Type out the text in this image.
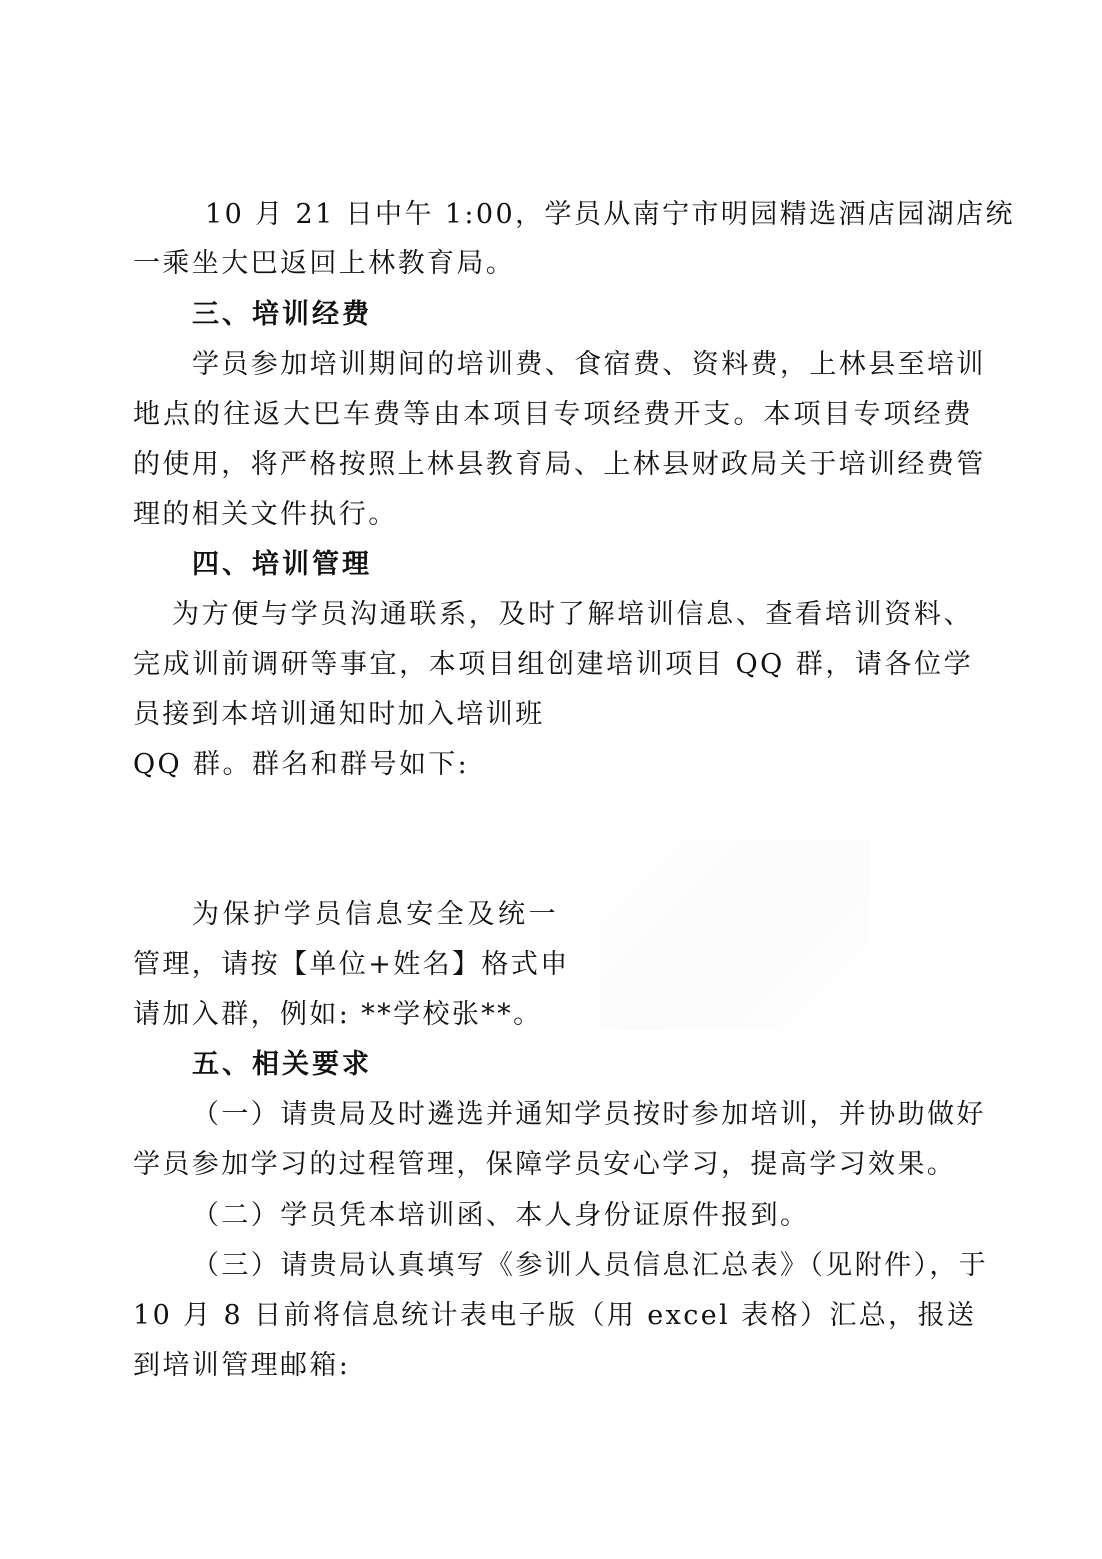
10 月 21 日中午 1:00，学员从南宁市明园精选酒店园湖店统
一乘坐大巴返回上林教育局。
三、培训经费
学员参加培训期间的培训费、食宿费、资料费，上林县至培训
地点的往返大巴车费等由本项目专项经费开支。本项目专项经费
的使用，将严格按照上林县教育局、上林县财政局关于培训经费管
理的相关文件执行。
四、培训管理
为方便与学员沟通联系，及时了解培训信息、查看培训资料、
完成训前调研等事宜，本项目组创建培训项目 QQ 群，请各位学
员接到本培训通知时加入培训班
QQ 群。群名和群号如下:
为保护学员信息安全及统一
管理，请按【单位+姓名】格式申
请加入群，例如: **学校张**。
五、相关要求
（一）请贵局及时遴选并通知学员按时参加培训，并协助做好
学员参加学习的过程管理，保障学员安心学习，提高学习效果。
（二）学员凭本培训函、本人身份证原件报到。
（三）请贵局认真填写《参训人员信息汇总表》（见附件），于
10 月 8 日前将信息统计表电子版（用 excel 表格）汇总，报送
到培训管理邮箱:
